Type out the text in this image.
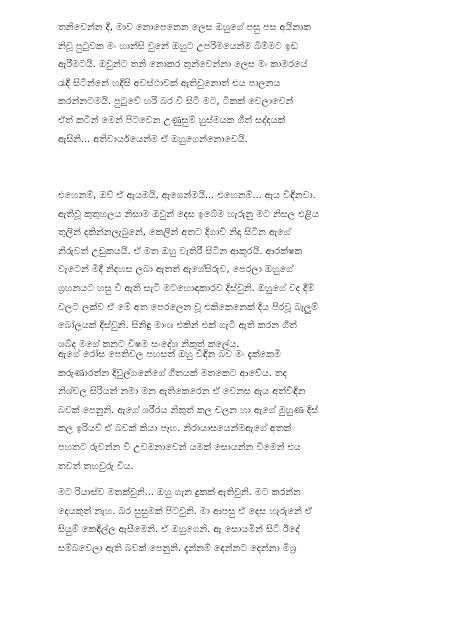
තනිවෙන්න දී, මාව නොපෙනෙන ලෙස ඔහුගේ පසු පස අයිනාක
නිවූ පුටුවක මං හාන්සි වුනේ ඔහුට උපරිමයෙන්ම බිම්මට ඉඩ
ඇරීමටයි. ඔවුන්ට තනි නොකර තුන්වෙන්නා ලෙස මං කාමරයේ
රැඳී සිටින්නේ හදිසි අවස්ථාවක් ඇතිවුනොත් එය පාලනය
කරන්නටමයි. පුටුවේ හරි බර වී සිටි මට, ටිකක් වෙලාවෙන්
ඒත් කටින් මෙන් පිටවෙන උණුසුම් හුස්මයක ගීත් සද්දයක්
ඇසිනි... අතිවාර්යයෙන්ම ඒ ඔහුගෙන්නොවෙයි.

එහෙනම්, ඔව් ඒ ඇයමයි, ඇගෙන්මයි... එහෙනම්... ඇය විඳිනවා.
ඇතිවූ කුතුහලය නිසාම ඔවුන් දෙස ඉබේම හැරුනු මට නිසල එළිය
තුලින් දකින්නලැබුනේ, කෙලින් අතට දිගාවී නිදා සිටින ඇගේ
නිරුවත් උඩුකයයි. ඒ මත ඔහු වැතිරී සිටින ආකූරයි. ආරක්ෂක
වැටෙන් මිදී නිදහස ලබා ඇතත් ඇගේසිරුව, පෙරලා ඔහුගේ
ග්‍රහනයට හසු වී ඇති සැටි මටහොඳාකාරව දිස්වුනි. ඔහුගේ වද දීම්
වලට ලක්ව ඒ මේ අත පෙරලෙන වූ එකිකෙනෙක් දිය පිරවූ බැලුම්
බෝලයක් දිස්වුනි. සිනිඳු මාංශ එකින් එක් ගැටී ඇති කරන ගීත්
ශබ්ද මගේ කනට විෂම සංදේශ නිකුත් කලේය.

ඇගේ රෝස පෙතිවල පහසත් ඔහු විඳින බව මං දැක්කෙමි
කරුණාරත්න දිවුල්ගනේගේ ගීතයක් මතකෙට ආවේය. තද
නිශ්චල සිරියත් නමා මන ඇතිකෙරෙන ඒ වෙනස ඇය අත්විඳින
බවක් පෙනුනි. ඇගේ ශරීරය නිකුත් කල චලන හා ඇගේ මුහුණ දිස්
කල ඉරියව් ඒ බවක් කියා පෑහ. නිරායාසයෙන්මඇගේ අතක්
පහතට රුවන්න වී උවමනාවෙන් යමක් සොයන්න වීමෙන් එය
තවත් තහවුරු විය.

මට රියාස්ව මතක්වුනි... ඔහු ගැන දුකක් ඇතිවුනි. මට කරන්න
දෙයකුත් නැහ. බර සුසුමක් පිටවුනි. මා ආපසු ඒ දෙස හැරුනේ ඒ
සියුම් කෙඳිල්ල ඇසීමෙනි. ඒ ඔහුගෙනි. ඇ සොයමින් සිටි ඊදේ
සම්බවෙලා ඇති බවක් පෙනුනි. දැන්නම් දෙන්නට දෙන්නා මිශ්‍ර
